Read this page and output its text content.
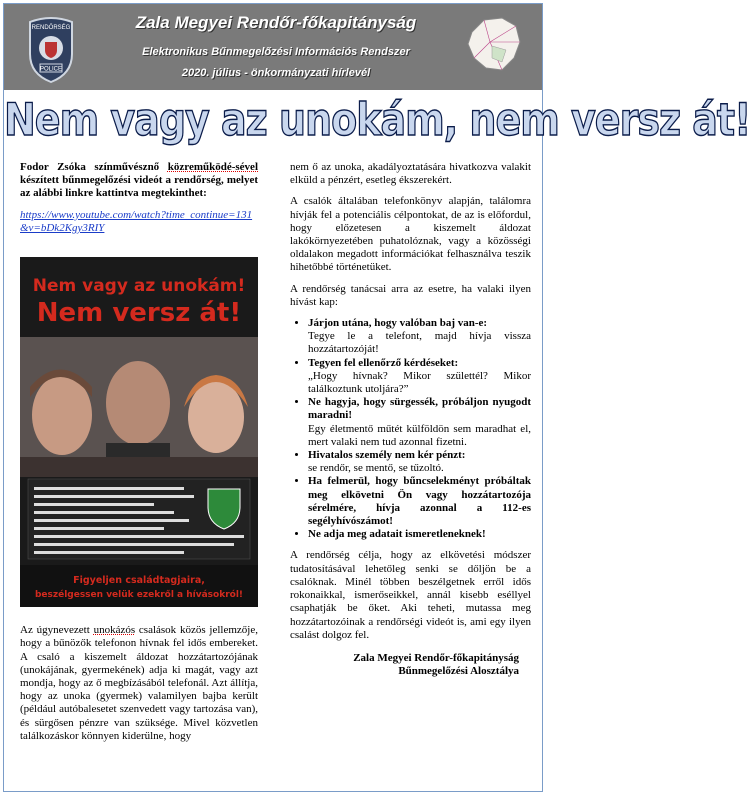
RENDŐRSÉG
POLICE
Zala Megyei Rendőr-főkapitányság
Elektronikus Bűnmegelőzési Információs Rendszer
2020. július - önkormányzati hírlevél
Nem vagy az unokám, nem versz át!

Fodor Zsóka színművésznő közreműködé-sével készített bűnmegelőzési videót a rendőrség, melyet az alábbi linkre kattintva megtekinthet:

https://www.youtube.com/watch?time_continue=131&v=bDk2Kgy3RIY
Nem vagy az unokám!
Nem versz át!
Figyeljen családtagjaira,
beszélgessen velük ezekről a hívásokról!

Az úgynevezett unokázós csalások közös jellemzője, hogy a bűnözők telefonon hívnak fel idős embereket. A csaló a kiszemelt áldozat hozzátartozójának (unokájának, gyermekének) adja ki magát, vagy azt mondja, hogy az ő megbízásából telefonál. Azt állítja, hogy az unoka (gyermek) valamilyen bajba került (például autóbalesetet szenvedett vagy tartozása van), és sürgősen pénzre van szüksége. Mivel közvetlen találkozáskor könnyen kiderülne, hogy

nem ő az unoka, akadályoztatására hivatkozva valakit elküld a pénzért, esetleg ékszerekért.

A csalók általában telefonkönyv alapján, találomra hívják fel a potenciális célpontokat, de az is előfordul, hogy előzetesen a kiszemelt áldozat lakókörnyezetében puhatolóznak, vagy a közösségi oldalakon megadott információkat felhasználva teszik hihetőbbé történetüket.

A rendőrség tanácsai arra az esetre, ha valaki ilyen hívást kap:

• Járjon utána, hogy valóban baj van-e:
Tegye le a telefont, majd hívja vissza hozzátartozóját!
• Tegyen fel ellenőrző kérdéseket:
„Hogy hívnak? Mikor születtél? Mikor találkoztunk utoljára?”
• Ne hagyja, hogy sürgessék, próbáljon nyugodt maradni!
Egy életmentő műtét külföldön sem maradhat el, mert valaki nem tud azonnal fizetni.
• Hivatalos személy nem kér pénzt:
se rendőr, se mentő, se tűzoltó.
• Ha felmerül, hogy bűncselekményt próbáltak meg elkövetni Ön vagy hozzátartozója sérelmére, hívja azonnal a 112-es segélyhívószámot!
• Ne adja meg adatait ismeretleneknek!

A rendőrség célja, hogy az elkövetési módszer tudatosításával lehetőleg senki se dőljön be a csalóknak. Minél többen beszélgetnek erről idős rokonaikkal, ismerőseikkel, annál kisebb eséllyel csaphatják be őket. Aki teheti, mutassa meg hozzátartozóinak a rendőrségi videót is, ami egy ilyen csalást dolgoz fel.

Zala Megyei Rendőr-főkapitányság
Bűnmegelőzési Alosztálya
